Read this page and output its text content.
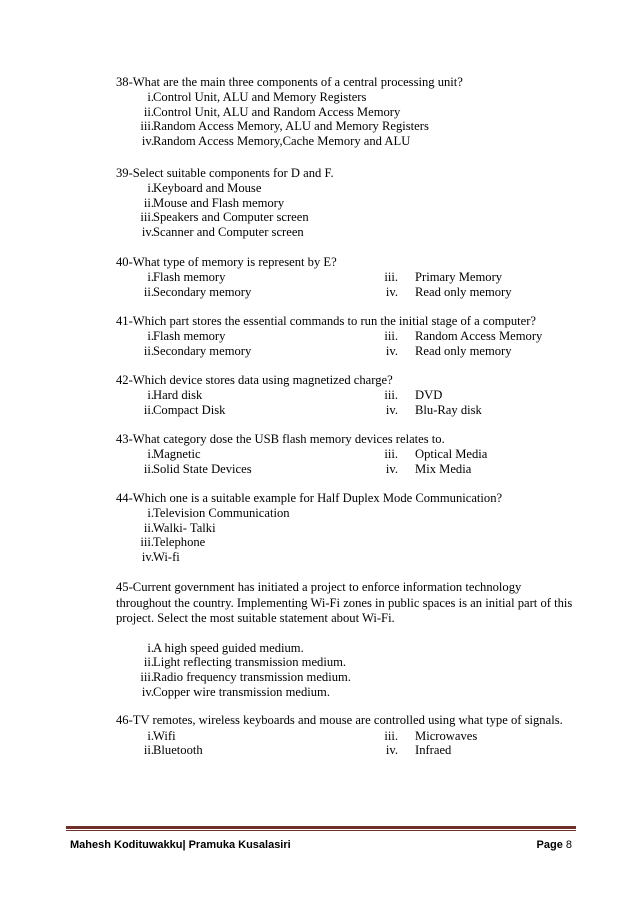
38-What are the main three components of a central processing unit?

i. Control Unit, ALU and Memory Registers
ii. Control Unit, ALU and Random Access Memory
iii. Random Access Memory, ALU and Memory Registers
iv. Random Access Memory,Cache Memory and ALU

39-Select suitable components for D and F.

i. Keyboard and Mouse
ii. Mouse and Flash memory
iii. Speakers and Computer screen
iv. Scanner and Computer screen

40-What type of memory is represent by E?

i. Flash memory	iii. Primary Memory
ii. Secondary memory	iv. Read only memory

41-Which part stores the essential commands to run the initial stage of a computer?

i. Flash memory	iii. Random Access Memory
ii. Secondary memory	iv. Read only memory

42-Which device stores data using magnetized charge?

i. Hard disk	iii. DVD
ii. Compact Disk	iv. Blu-Ray disk

43-What category dose the USB flash memory devices relates to.

i. Magnetic	iii. Optical Media
ii. Solid State Devices	iv. Mix Media

44-Which one is a suitable example for Half Duplex Mode Communication?

i. Television Communication
ii. Walki- Talki
iii. Telephone
iv. Wi-fi

45-Current government has initiated a project to enforce information technology throughout the country. Implementing Wi-Fi zones in public spaces is an initial part of this project. Select the most suitable statement about Wi-Fi.

i. A high speed guided medium.
ii. Light reflecting transmission medium.
iii. Radio frequency transmission medium.
iv. Copper wire transmission medium.

46-TV remotes, wireless keyboards and mouse are controlled using what type of signals.

i. Wifi	iii. Microwaves
ii. Bluetooth	iv. Infraed
Mahesh Kodituwakku| Pramuka Kusalasiri	Page 8
